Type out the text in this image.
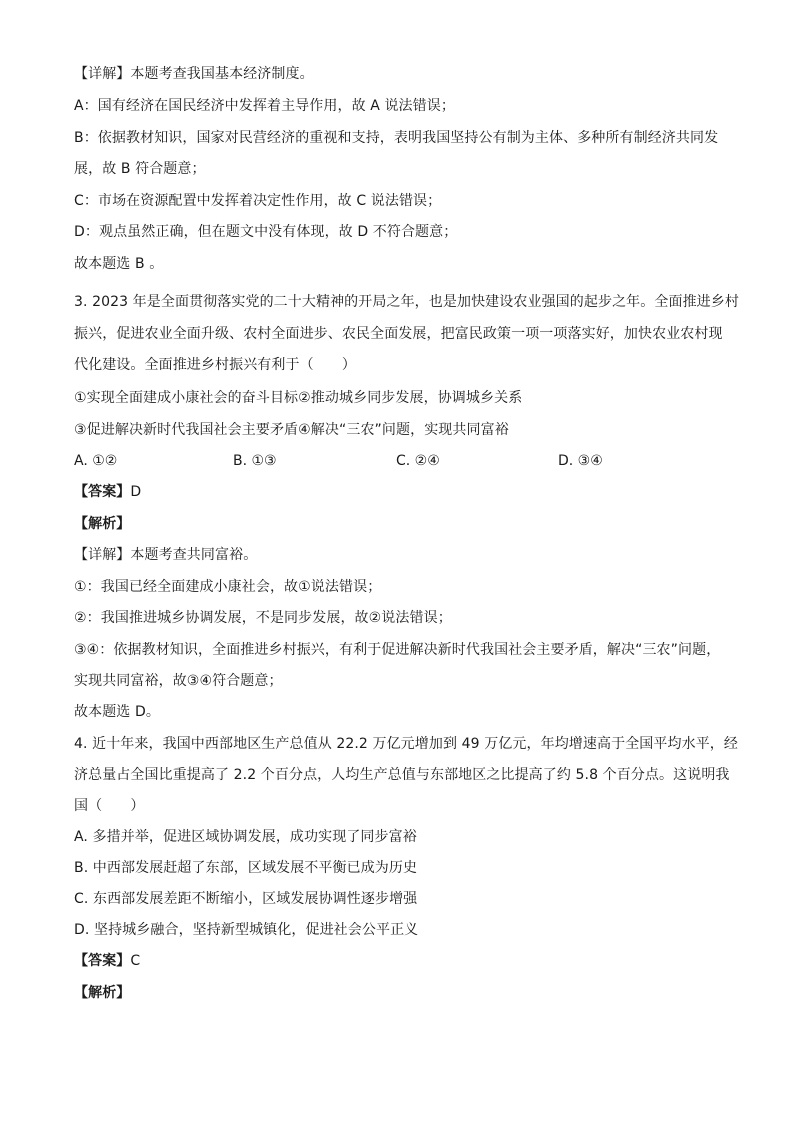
【详解】本题考查我国基本经济制度。
A：国有经济在国民经济中发挥着主导作用，故 A 说法错误；
B：依据教材知识，国家对民营经济的重视和支持，表明我国坚持公有制为主体、多种所有制经济共同发
展，故 B 符合题意；
C：市场在资源配置中发挥着决定性作用，故 C 说法错误；
D：观点虽然正确，但在题文中没有体现，故 D 不符合题意；
故本题选 B 。
3. 2023 年是全面贯彻落实党的二十大精神的开局之年，也是加快建设农业强国的起步之年。全面推进乡村
振兴，促进农业全面升级、农村全面进步、农民全面发展，把富民政策一项一项落实好，加快农业农村现
代化建设。全面推进乡村振兴有利于（　　）
①实现全面建成小康社会的奋斗目标②推动城乡同步发展，协调城乡关系
③促进解决新时代我国社会主要矛盾④解决“三农”问题，实现共同富裕
A. ①②	B. ①③	C. ②④	D. ③④
【答案】D
【解析】
【详解】本题考查共同富裕。
①：我国已经全面建成小康社会，故①说法错误；
②：我国推进城乡协调发展，不是同步发展，故②说法错误；
③④：依据教材知识，全面推进乡村振兴，有利于促进解决新时代我国社会主要矛盾，解决“三农”问题，
实现共同富裕，故③④符合题意；
故本题选 D。
4. 近十年来，我国中西部地区生产总值从 22.2 万亿元增加到 49 万亿元，年均增速高于全国平均水平，经
济总量占全国比重提高了 2.2 个百分点，人均生产总值与东部地区之比提高了约 5.8 个百分点。这说明我
国（　　）
A. 多措并举，促进区域协调发展，成功实现了同步富裕
B. 中西部发展赶超了东部，区域发展不平衡已成为历史
C. 东西部发展差距不断缩小，区域发展协调性逐步增强
D. 坚持城乡融合，坚持新型城镇化，促进社会公平正义
【答案】C
【解析】
